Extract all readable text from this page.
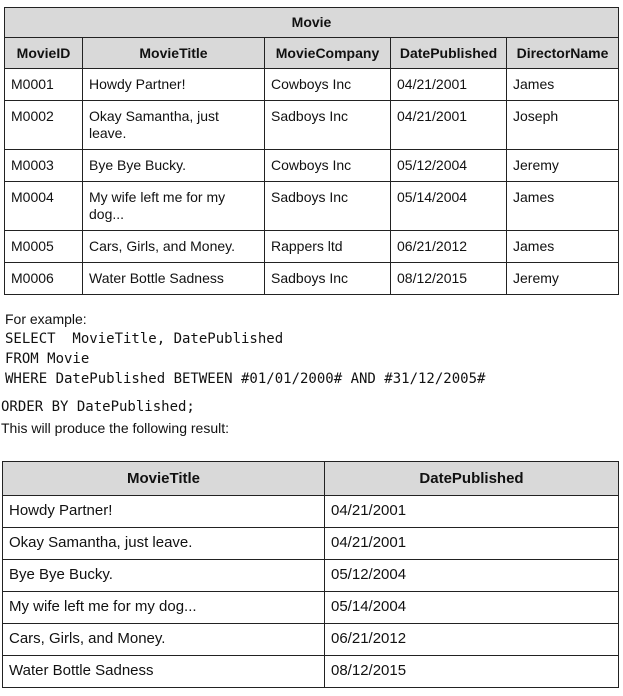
Movie				
MovieID	MovieTitle	MovieCompany	DatePublished	DirectorName
M0001	Howdy Partner!	Cowboys Inc	04/21/2001	James
M0002	Okay Samantha, just leave.	Sadboys Inc	04/21/2001	Joseph
M0003	Bye Bye Bucky.	Cowboys Inc	05/12/2004	Jeremy
M0004	My wife left me for my dog...	Sadboys Inc	05/14/2004	James
M0005	Cars, Girls, and Money.	Rappers ltd	06/21/2012	James
M0006	Water Bottle Sadness	Sadboys Inc	08/12/2015	Jeremy
For example:
SELECT  MovieTitle, DatePublished
FROM Movie
WHERE DatePublished BETWEEN #01/01/2000# AND #31/12/2005#
ORDER BY DatePublished;
This will produce the following result:
MovieTitle	DatePublished
Howdy Partner!	04/21/2001
Okay Samantha, just leave.	04/21/2001
Bye Bye Bucky.	05/12/2004
My wife left me for my dog...	05/14/2004
Cars, Girls, and Money.	06/21/2012
Water Bottle Sadness	08/12/2015
